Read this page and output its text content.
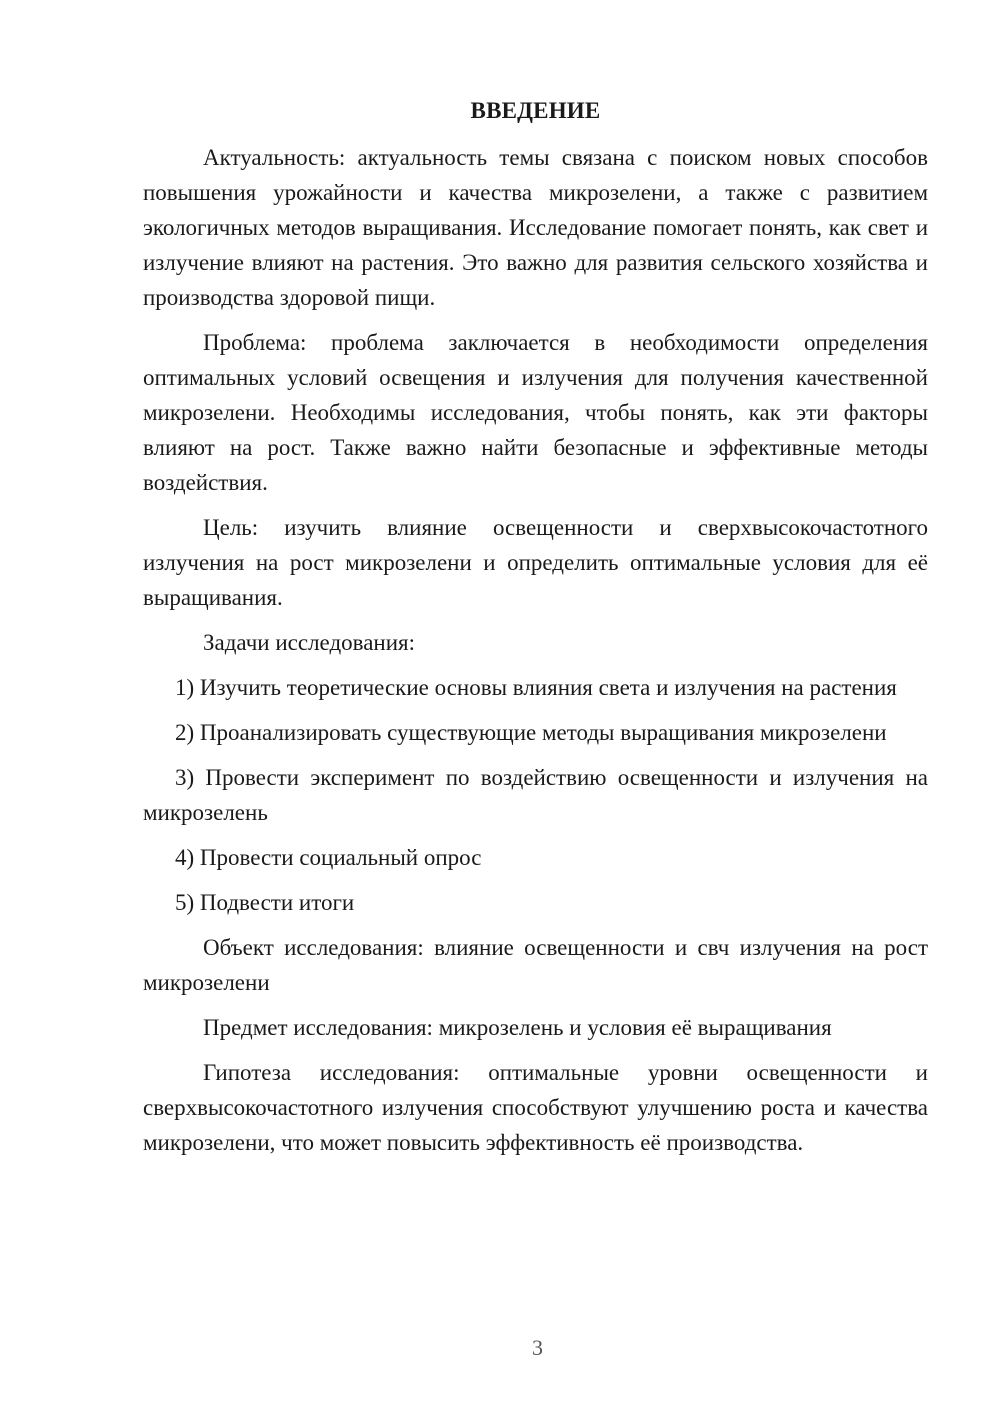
ВВЕДЕНИЕ

Актуальность: актуальность темы связана с поиском новых способов повышения урожайности и качества микрозелени, а также с развитием экологичных методов выращивания. Исследование помогает понять, как свет и излучение влияют на растения. Это важно для развития сельского хозяйства и производства здоровой пищи.

Проблема: проблема заключается в необходимости определения оптимальных условий освещения и излучения для получения качественной микрозелени. Необходимы исследования, чтобы понять, как эти факторы влияют на рост. Также важно найти безопасные и эффективные методы воздействия.

Цель: изучить влияние освещенности и сверхвысокочастотного излучения на рост микрозелени и определить оптимальные условия для её выращивания.

Задачи исследования:

1) Изучить теоретические основы влияния света и излучения на растения

2) Проанализировать существующие методы выращивания микрозелени

3) Провести эксперимент по воздействию освещенности и излучения на микрозелень

4) Провести социальный опрос

5) Подвести итоги

Объект исследования: влияние освещенности и свч излучения на рост микрозелени

Предмет исследования: микрозелень и условия её выращивания

Гипотеза исследования: оптимальные уровни освещенности и сверхвысокочастотного излучения способствуют улучшению роста и качества микрозелени, что может повысить эффективность её производства.

3
